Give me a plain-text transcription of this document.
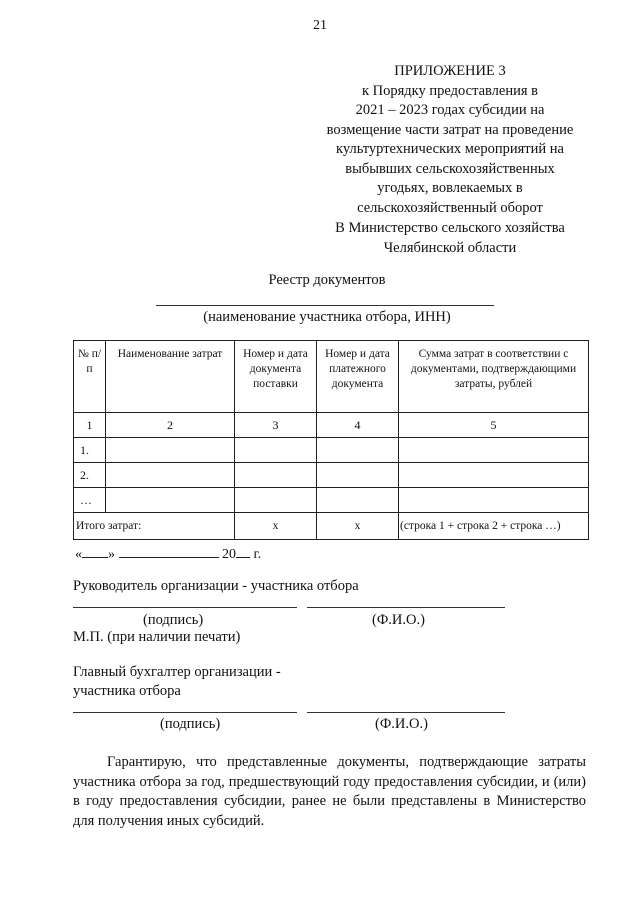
21
ПРИЛОЖЕНИЕ 3
к Порядку предоставления в
2021 – 2023 годах субсидии на
возмещение части затрат на проведение
культуртехнических мероприятий на
выбывших сельскохозяйственных
угодьях, вовлекаемых в
сельскохозяйственный оборот
В Министерство сельского хозяйства
Челябинской области
Реестр документов
(наименование участника отбора, ИНН)
№ п/п	Наименование затрат	Номер и дата документа поставки	Номер и дата платежного документа	Сумма затрат в соответствии с документами, подтверждающими затраты, рублей
1	2	3	4	5
1.				
2.				
…				
Итого затрат:		х	х	(строка 1 + строка 2 + строка …)
« »	20 г.
Руководитель организации - участника отбора
(подпись)	(Ф.И.О.)
М.П. (при наличии печати)
Главный бухгалтер организации -
участника отбора
(подпись)	(Ф.И.О.)
Гарантирую, что представленные документы, подтверждающие затраты участника отбора за год, предшествующий году предоставления субсидии, и (или) в году предоставления субсидии, ранее не были представлены в Министерство для получения иных субсидий.
